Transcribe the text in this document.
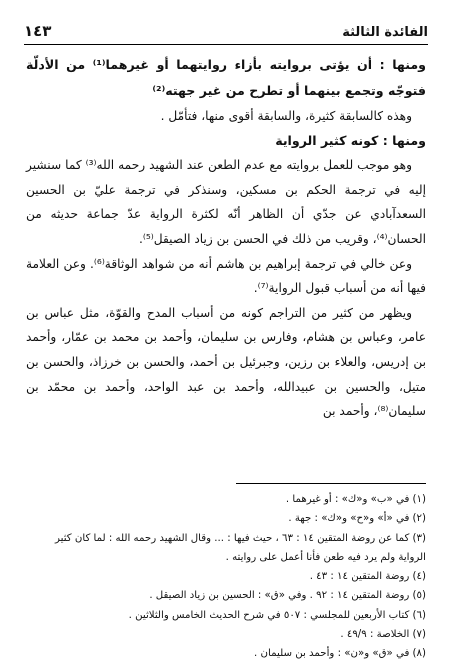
الفائدة الثالثة
١٤٣

ومنها : أن يؤتى بروايته بأزاء روايتهما أو غيرهما⁽¹⁾ من الأدلّة فتوجّه وتجمع بينهما أو تطرح من غير جهته⁽²⁾

وهذه كالسابقة كثيرة، والسابقة أقوى منها، فتأمّل .

ومنها : كونه كثير الرواية

وهو موجب للعمل بروايته مع عدم الطعن عند الشهيد رحمه الله⁽³⁾ كما سنشير إليه في ترجمة الحكم بن مسكين، وسنذكر في ترجمة عليّ بن الحسين السعدآبادي عن جدّي أن الظاهر أنّه لكثرة الرواية عدّ جماعة حديثه من الحسان⁽⁴⁾، وقريب من ذلك في الحسن بن زياد الصيقل⁽⁵⁾.

وعن خالي في ترجمة إبراهيم بن هاشم أنه من شواهد الوثاقة⁽⁶⁾. وعن العلامة فيها أنه من أسباب قبول الرواية⁽⁷⁾.

ويظهر من كثير من التراجم كونه من أسباب المدح والقوّة، مثل عباس بن عامر، وعباس بن هشام، وفارس بن سليمان، وأحمد بن محمد بن عمّار، وأحمد بن إدريس، والعلاء بن رزين، وجبرئيل بن أحمد، والحسن بن خرزاذ، والحسن بن متيل، والحسين بن عبيدالله، وأحمد بن عبد الواحد، وأحمد بن محمّد بن سليمان⁽⁸⁾، وأحمد بن

(١) في «ب» و«ك» : أو غيرهما .

(٢) في «أ» و«ح» و«ك» : جهة .

(٣) كما عن روضة المتقين ١٤ : ٦٣ ، حيث فيها : ... وقال الشهيد رحمه الله : لما كان كثير الرواية ولم يرد فيه طعن فأنا أعمل على روايته .

(٤) روضة المتقين ١٤ : ٤٣ .

(٥) روضة المتقين ١٤ : ٩٢ . وفي «ق» : الحسين بن زياد الصيقل .

(٦) كتاب الأربعين للمجلسي : ٥٠٧ في شرح الحديث الخامس والثلاثين .

(٧) الخلاصة : ٤٩/٩ .

(٨) في «ق» و«ن» : وأحمد بن سليمان .
